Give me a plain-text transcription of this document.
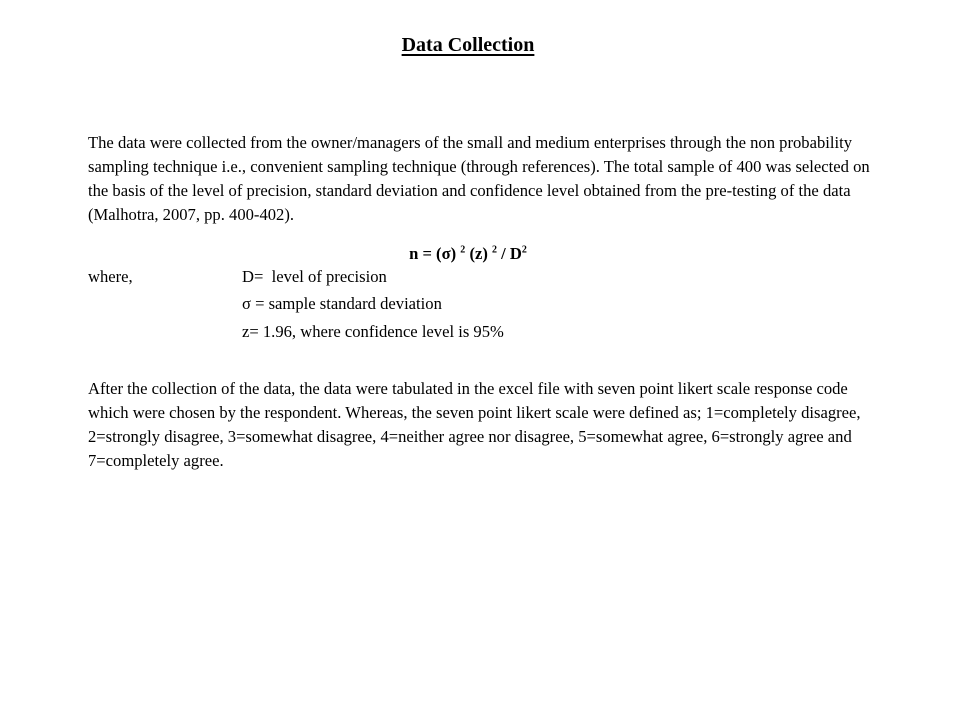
Data Collection

The data were collected from the owner/managers of the small and medium enterprises through the non probability sampling technique i.e., convenient sampling technique (through references). The total sample of 400 was selected on the basis of the level of precision, standard deviation and confidence level obtained from the pre-testing of the data (Malhotra, 2007, pp. 400-402).

n = (σ) $^2$ (z) $^2 / D^2$
where,	D=  level of precision
σ = sample standard deviation
z= 1.96, where confidence level is 95%

After the collection of the data, the data were tabulated in the excel file with seven point likert scale response code which were chosen by the respondent. Whereas, the seven point likert scale were defined as; 1=completely disagree, 2=strongly disagree, 3=somewhat disagree, 4=neither agree nor disagree, 5=somewhat agree, 6=strongly agree and 7=completely agree.
